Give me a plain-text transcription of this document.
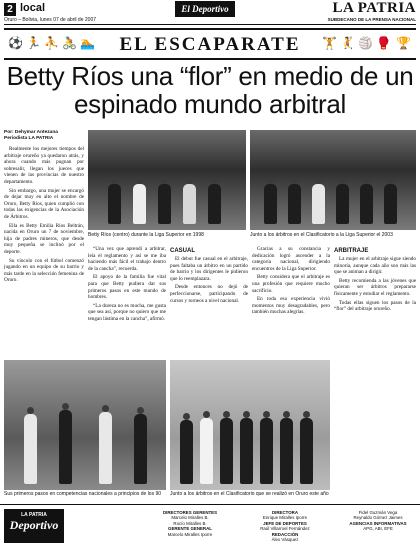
2 local
Oruro – Bolivia, lunes 07 de abril de 2007
El Deportivo	LA PATRIA
SUBDECANO DE LA PRENSA NACIONAL
⚽ 🏃 ⛹ 🚴 🏊	EL ESCAPARATE	🏋 🤾 🏐 🥊 🏆
Betty Ríos una “flor” en medio de un espinado mundo arbitral
Por: Dehymar Antezana
Periodista LA PATRIA

Realmente los mejores tiempos del arbitraje orureño ya quedaron atrás, y ahora cuando más pugnan por sobresalir, llegan los jueces que vienen de las provincias de nuestro departamento.

Sin embargo, una mujer se encargó de dejar muy en alto el nombre de Oruro, Betty Ríos, quien cumplió con todas las exigencias de la Asociación de Árbitros.

Ella es Betty Emilia Ríos Beltrán, nacida en Oruro un 7 de noviembre, hija de padres mineros, que desde muy pequeña se inclinó por el deporte.

Su vínculo con el fútbol comenzó jugando en un equipo de su barrio y más tarde en la selección femenina de Oruro.

Betty Ríos (centro) durante la Liga Superior en 1998	Junto a los árbitros en el Clasificatorio a la Liga Superior el 2003

“Una vez que aprendí a arbitrar, leía el reglamento y así se me iba haciendo más fácil el trabajo dentro de la cancha”, recuerda.

El apoyo de la familia fue vital para que Betty pudiera dar sus primeros pasos en este mundo de hombres.

“La dureza no es mucha, me gusta que sea así, porque no quiero que me tengan lástima en la cancha”, afirmó.

CASUAL

El debut fue casual en el arbitraje, pues faltaba un árbitro en un partido de barrio y los dirigentes le pidieron que lo reemplazara.

Desde entonces no dejó de perfeccionarse, participando de cursos y torneos a nivel nacional.

Gracias a su constancia y dedicación logró ascender a la categoría nacional, dirigiendo encuentros de la Liga Superior.

Betty considera que el arbitraje es una profesión que requiere mucho sacrificio.

En toda esa experiencia vivió momentos muy desagradables, pero también muchas alegrías.

ARBITRAJE

La mujer en el arbitraje sigue siendo minoría, aunque cada año son más las que se animan a dirigir.

Betty recomienda a las jóvenes que quieran ser árbitros prepararse físicamente y estudiar el reglamento.

Todas ellas siguen los pasos de la “flor” del arbitraje orureño.

Sus primeros pasos en competencias nacionales a principios de los 90	Junto a los árbitros en el Clasificatorio que se realizó en Oruro este año
LA PATRIA
Deportivo
DIRECTORES GERENTES
Marcelo Miralles B.
Rocío Miralles B.
GERENTE GENERAL
Marcelo Miralles Iporre
DIRECTORA
Enrique Miralles Iporre
JEFE DE DEPORTES
Raúl Villarroel Fernández
REDACCIÓN
Álex Vásquez
Fidel Guzmán Vega
Reynaldo Gómez Jaimes
AGENCIAS INFORMATIVAS
APG, ABI, EFE
